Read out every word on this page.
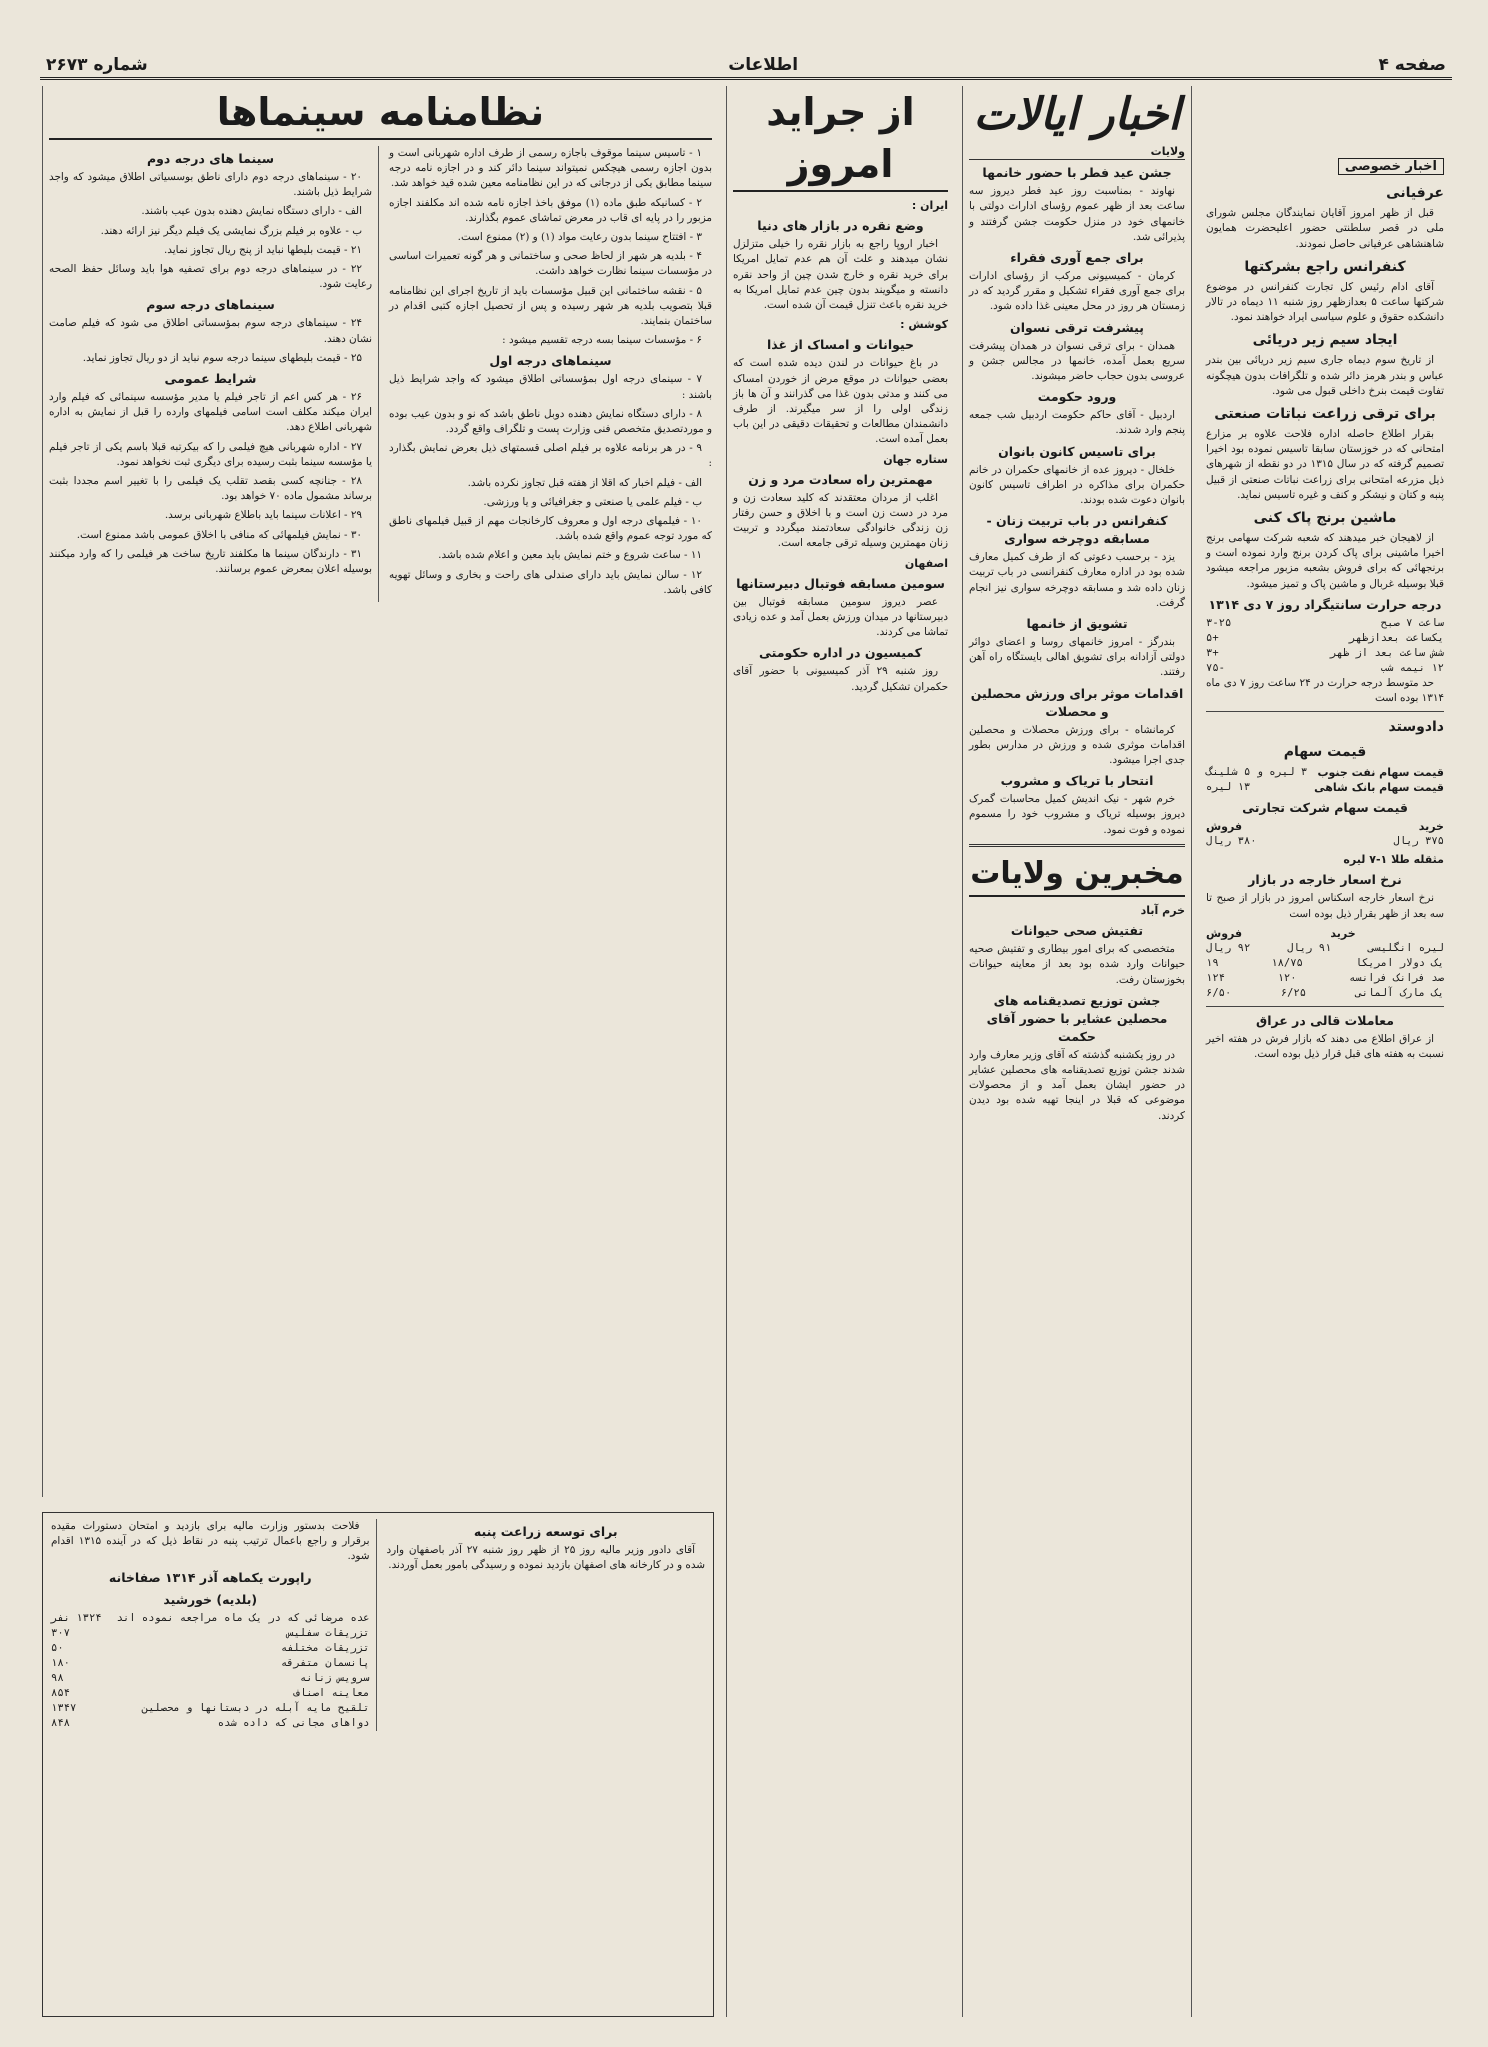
صفحه ۴
اطلاعات
شماره ۲۶۷۳
اخبار خصوصی
عرفیانی

قبل از ظهر امروز آقایان نمایندگان مجلس شورای ملی در قصر سلطنتی حضور اعلیحضرت همایون شاهنشاهی عرفیانی حاصل نمودند.

کنفرانس راجع بشرکتها

آقای ادام رئیس کل تجارت کنفرانس در موضوع شرکتها ساعت ۵ بعدازظهر روز شنبه ۱۱ دیماه در تالار دانشکده حقوق و علوم سیاسی ایراد خواهند نمود.

ایجاد سیم زیر دریائی

از تاریخ سوم دیماه جاری سیم زیر دریائی بین بندر عباس و بندر هرمز دائر شده و تلگرافات بدون هیچگونه تفاوت قیمت بنرخ داخلی قبول می شود.

برای ترقی زراعت نباتات صنعتی

بقرار اطلاع حاصله اداره فلاحت علاوه بر مزارع امتحانی که در خوزستان سابقا تاسیس نموده بود اخیرا تصمیم گرفته که در سال ۱۳۱۵ در دو نقطه از شهرهای ذیل مزرعه امتحانی برای زراعت نباتات صنعتی از قبیل پنبه و کتان و نیشکر و کنف و غیره تاسیس نماید.

ماشین برنج پاک کنی

از لاهیجان خبر میدهند که شعبه شرکت سهامی برنج اخیرا ماشینی برای پاک کردن برنج وارد نموده است و برنجهائی که برای فروش بشعبه مزبور مراجعه میشود قبلا بوسیله غربال و ماشین پاک و تمیز میشود.

درجه حرارت سانتیگراد روز ۷ دی ۱۳۱۴
ساعت ۷ صبح
۳-۲۵
یکساعت بعدازظهر
+۵
شش ساعت بعد از ظهر
+۳
۱۲ نیمه شب
-۷۵

حد متوسط درجه حرارت در ۲۴ ساعت روز ۷ دی ماه ۱۳۱۴ بوده است

دادوستد
قیمت سهام
قیمت سهام نفت جنوب
۳ لیره و ۵ شلینگ
قیمت سهام بانک شاهی
۱۳ لیره
قیمت سهام شرکت تجارتی
خرید
فروش
۳۷۵ ریال
۳۸۰ ریال
مثقله طلا ۱-۷ لیره
نرخ اسعار خارجه در بازار

نرخ اسعار خارجه اسکناس امروز در بازار از صبح تا سه بعد از ظهر بقرار ذیل بوده است

خرید
فروش
لیره انگلیسی
۹۱ ریال
۹۲ ریال
یک دولار امریکا
۱۸/۷۵
۱۹
صد فرانک فرانسه
۱۲۰
۱۲۴
یک مارک آلمانی
۶/۲۵
۶/۵۰
معاملات قالی در عراق

از عراق اطلاع می دهند که بازار فرش در هفته اخیر نسبت به هفته های قبل قرار ذیل بوده است.

اخبار ایالات
ولایات
جشن عید فطر با حضور خانمها

نهاوند - بمناسبت روز عید فطر دیروز سه ساعت بعد از ظهر عموم رؤسای ادارات دولتی با خانمهای خود در منزل حکومت جشن گرفتند و پذیرائی شد.

برای جمع آوری فقراء

کرمان - کمیسیونی مرکب از رؤسای ادارات برای جمع آوری فقراء تشکیل و مقرر گردید که در زمستان هر روز در محل معینی غذا داده شود.

پیشرفت ترقی نسوان

همدان - برای ترقی نسوان در همدان پیشرفت سریع بعمل آمده، خانمها در مجالس جشن و عروسی بدون حجاب حاضر میشوند.

ورود حکومت

اردبیل - آقای حاکم حکومت اردبیل شب جمعه پنجم وارد شدند.

برای تاسیس کانون بانوان

خلخال - دیروز عده از خانمهای حکمران در خانم حکمران برای مذاکره در اطراف تاسیس کانون بانوان دعوت شده بودند.

کنفرانس در باب تربیت زنان - مسابقه دوچرخه سواری

یزد - برحسب دعوتی که از طرف کمیل معارف شده بود در اداره معارف کنفرانسی در باب تربیت زنان داده شد و مسابقه دوچرخه سواری نیز انجام گرفت.

تشویق از خانمها

بندرگز - امروز خانمهای روسا و اعضای دوائر دولتی آزادانه برای تشویق اهالی بایستگاه راه آهن رفتند.

اقدامات موثر برای ورزش محصلین و محصلات

کرمانشاه - برای ورزش محصلات و محصلین اقدامات موثری شده و ورزش در مدارس بطور جدی اجرا میشود.

انتحار با تریاک و مشروب

خرم شهر - نیک اندیش کمیل محاسبات گمرک دیروز بوسیله تریاک و مشروب خود را مسموم نموده و فوت نمود.

مخبرین ولایات
خرم آباد
تفتیش صحی حیوانات

متخصصی که برای امور بیطاری و تفتیش صحیه حیوانات وارد شده بود بعد از معاینه حیوانات بخوزستان رفت.

جشن توزیع تصدیقنامه های محصلین عشایر با حضور آقای حکمت

در روز یکشنبه گذشته که آقای وزیر معارف وارد شدند جشن توزیع تصدیقنامه های محصلین عشایر در حضور ایشان بعمل آمد و از محصولات موضوعی که قبلا در اینجا تهیه شده بود دیدن کردند.

از جراید امروز
ایران :
وضع نقره در بازار های دنیا

اخبار اروپا راجع به بازار نقره را خیلی متزلزل نشان میدهند و علت آن هم عدم تمایل امریکا برای خرید نقره و خارج شدن چین از واحد نقره دانسته و میگویند بدون چین عدم تمایل امریکا به خرید نقره باعث تنزل قیمت آن شده است.

کوشش :
حیوانات و امساک از غذا

در باغ حیوانات در لندن دیده شده است که بعضی حیوانات در موقع مرض از خوردن امساک می کنند و مدتی بدون غذا می گذرانند و آن ها باز زندگی اولی را از سر میگیرند. از طرف دانشمندان مطالعات و تحقیقات دقیقی در این باب بعمل آمده است.

ستاره جهان
مهمترین راه سعادت مرد و زن

اغلب از مردان معتقدند که کلید سعادت زن و مرد در دست زن است و با اخلاق و حسن رفتار زن زندگی خانوادگی سعادتمند میگردد و تربیت زنان مهمترین وسیله ترقی جامعه است.

اصفهان
سومین مسابقه فوتبال دبیرستانها

عصر دیروز سومین مسابقه فوتبال بین دبیرستانها در میدان ورزش بعمل آمد و عده زیادی تماشا می کردند.

کمیسیون در اداره حکومتی

روز شنبه ۲۹ آذر کمیسیونی با حضور آقای حکمران تشکیل گردید.

نظامنامه سینماها

۱ - تاسیس سینما موقوف باجازه رسمی از طرف اداره شهربانی است و بدون اجازه رسمی هیچکس نمیتواند سینما دائر کند و در اجازه نامه درجه سینما مطابق یکی از درجاتی که در این نظامنامه معین شده قید خواهد شد.

۲ - کسانیکه طبق ماده (۱) موفق باخذ اجازه نامه شده اند مکلفند اجازه مزبور را در پایه ای قاب در معرض تماشای عموم بگذارند.

۳ - افتتاح سینما بدون رعایت مواد (۱) و (۲) ممنوع است.

۴ - بلدیه هر شهر از لحاظ صحی و ساختمانی و هر گونه تعمیرات اساسی در مؤسسات سینما نظارت خواهد داشت.

۵ - نقشه ساختمانی این قبیل مؤسسات باید از تاریخ اجرای این نظامنامه قبلا بتصویب بلدیه هر شهر رسیده و پس از تحصیل اجازه کتبی اقدام در ساختمان بنمایند.

۶ - مؤسسات سینما بسه درجه تقسیم میشود :

سینماهای درجه اول

۷ - سینمای درجه اول بمؤسساتی اطلاق میشود که واجد شرایط ذیل باشند :

۸ - دارای دستگاه نمایش دهنده دوبل ناطق باشد که نو و بدون عیب بوده و موردتصدیق متخصص فنی وزارت پست و تلگراف واقع گردد.

۹ - در هر برنامه علاوه بر فیلم اصلی قسمتهای ذیل بعرض نمایش بگذارد :

الف - فیلم اخبار که اقلا از هفته قبل تجاوز نکرده باشد.

ب - فیلم علمی یا صنعتی و جغرافیائی و یا ورزشی.

۱۰ - فیلمهای درجه اول و معروف کارخانجات مهم از قبیل فیلمهای ناطق که مورد توجه عموم واقع شده باشد.

۱۱ - ساعت شروع و ختم نمایش باید معین و اعلام شده باشد.

۱۲ - سالن نمایش باید دارای صندلی های راحت و بخاری و وسائل تهویه کافی باشد.

سینما های درجه دوم

۲۰ - سینماهای درجه دوم دارای ناطق بوسسیاتی اطلاق میشود که واجد شرایط ذیل باشند.

الف - دارای دستگاه نمایش دهنده بدون عیب باشند.

ب - علاوه بر فیلم بزرگ نمایشی یک فیلم دیگر نیز ارائه دهند.

۲۱ - قیمت بلیطها نباید از پنج ریال تجاوز نماید.

۲۲ - در سینماهای درجه دوم برای تصفیه هوا باید وسائل حفظ الصحه رعایت شود.

سینماهای درجه سوم

۲۴ - سینماهای درجه سوم بمؤسساتی اطلاق می شود که فیلم صامت نشان دهند.

۲۵ - قیمت بلیطهای سینما درجه سوم نباید از دو ریال تجاوز نماید.

شرایط عمومی

۲۶ - هر کس اعم از تاجر فیلم یا مدیر مؤسسه سینمائی که فیلم وارد ایران میکند مکلف است اسامی فیلمهای وارده را قبل از نمایش به اداره شهربانی اطلاع دهد.

۲۷ - اداره شهربانی هیچ فیلمی را که بیکرتبه قبلا باسم یکی از تاجر فیلم یا مؤسسه سینما بثبت رسیده برای دیگری ثبت نخواهد نمود.

۲۸ - جنانچه کسی بقصد تقلب یک فیلمی را با تغییر اسم مجددا بثبت برساند مشمول ماده ۷۰ خواهد بود.

۲۹ - اعلانات سینما باید باطلاع شهربانی برسد.

۳۰ - نمایش فیلمهائی که منافی با اخلاق عمومی باشد ممنوع است.

۳۱ - دارندگان سینما ها مکلفند تاریخ ساخت هر فیلمی را که وارد میکنند بوسیله اعلان بمعرض عموم برسانند.

برای توسعه زراعت پنبه

آقای دادور وزیر مالیه روز ۲۵ از ظهر روز شنبه ۲۷ آذر باصفهان وارد شده و در کارخانه های اصفهان بازدید نموده و رسیدگی بامور بعمل آوردند.

فلاحت بدستور وزارت مالیه برای بازدید و امتحان دستورات مقیده برقرار و راجع باعمال ترتیب پنبه در نقاط ذیل که در آینده ۱۳۱۵ اقدام شود.

راپورت یکماهه آذر ۱۳۱۴ صفاخانه
(بلدیه) خورشید
عده مرضائی که در یک ماه مراجعه نموده اند
۱۳۲۴ نفر
تزریقات سفلیس
۳۰۷
تزریقات مختلفه
۵۰
پانسمان متفرقه
۱۸۰
سرویس زنانه
۹۸
معاینه اصناف
۸۵۴
تلقیح مایه آبله در دبستانها و محصلین
۱۳۴۷
دواهای مجانی که داده شده
۸۴۸
